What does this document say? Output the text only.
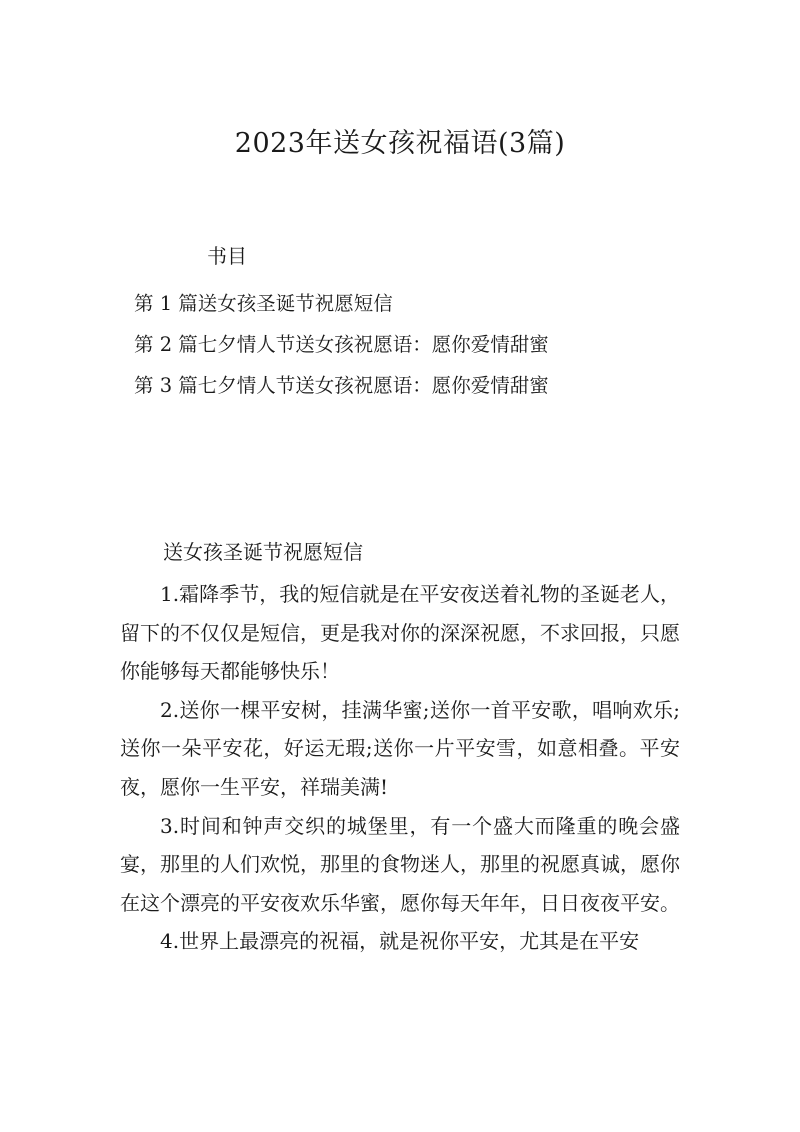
2023年送女孩祝福语(3篇)
书目
第 1 篇送女孩圣诞节祝愿短信
第 2 篇七夕情人节送女孩祝愿语：愿你爱情甜蜜
第 3 篇七夕情人节送女孩祝愿语：愿你爱情甜蜜
送女孩圣诞节祝愿短信

1.霜降季节，我的短信就是在平安夜送着礼物的圣诞老人，留下的不仅仅是短信，更是我对你的深深祝愿，不求回报，只愿你能够每天都能够快乐！

2.送你一棵平安树，挂满华蜜;送你一首平安歌，唱响欢乐;送你一朵平安花，好运无瑕;送你一片平安雪，如意相叠。平安夜，愿你一生平安，祥瑞美满!

3.时间和钟声交织的城堡里，有一个盛大而隆重的晚会盛宴，那里的人们欢悦，那里的食物迷人，那里的祝愿真诚，愿你在这个漂亮的平安夜欢乐华蜜，愿你每天年年，日日夜夜平安。

4.世界上最漂亮的祝福，就是祝你平安，尤其是在平安
